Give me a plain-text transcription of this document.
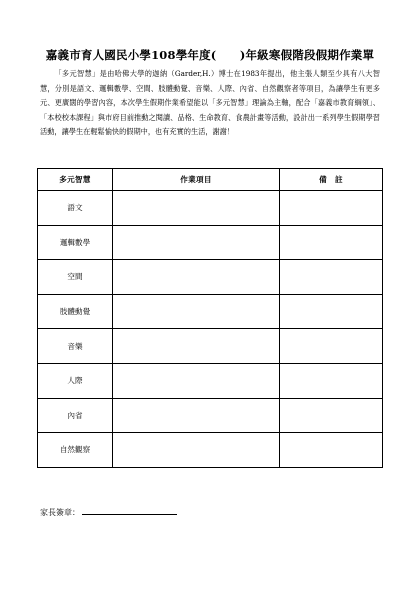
嘉義市育人國民小學108學年度(　　)年級寒假階段假期作業單

「多元智慧」是由哈佛大學的迦納（Garder,H.）博士在1983年提出，他主張人類至少具有八大智慧，分別是語文、邏輯數學、空間、肢體動覺、音樂、人際、內省、自然觀察者等項目，為讓學生有更多元、更廣闊的學習內容，本次學生假期作業希望能以「多元智慧」理論為主軸，配合「嘉義市教育綱領」、「本校校本課程」與市府目前推動之閱讀、品格、生命教育、食農計畫等活動，設計出一系列學生假期學習活動，讓學生在輕鬆愉快的假期中，也有充實的生活，謝謝！

多元智慧	作業項目	備　註
語文		
邏輯數學		
空間		
肢體動覺		
音樂		
人際		
內省		
自然觀察		
家長簽章：
